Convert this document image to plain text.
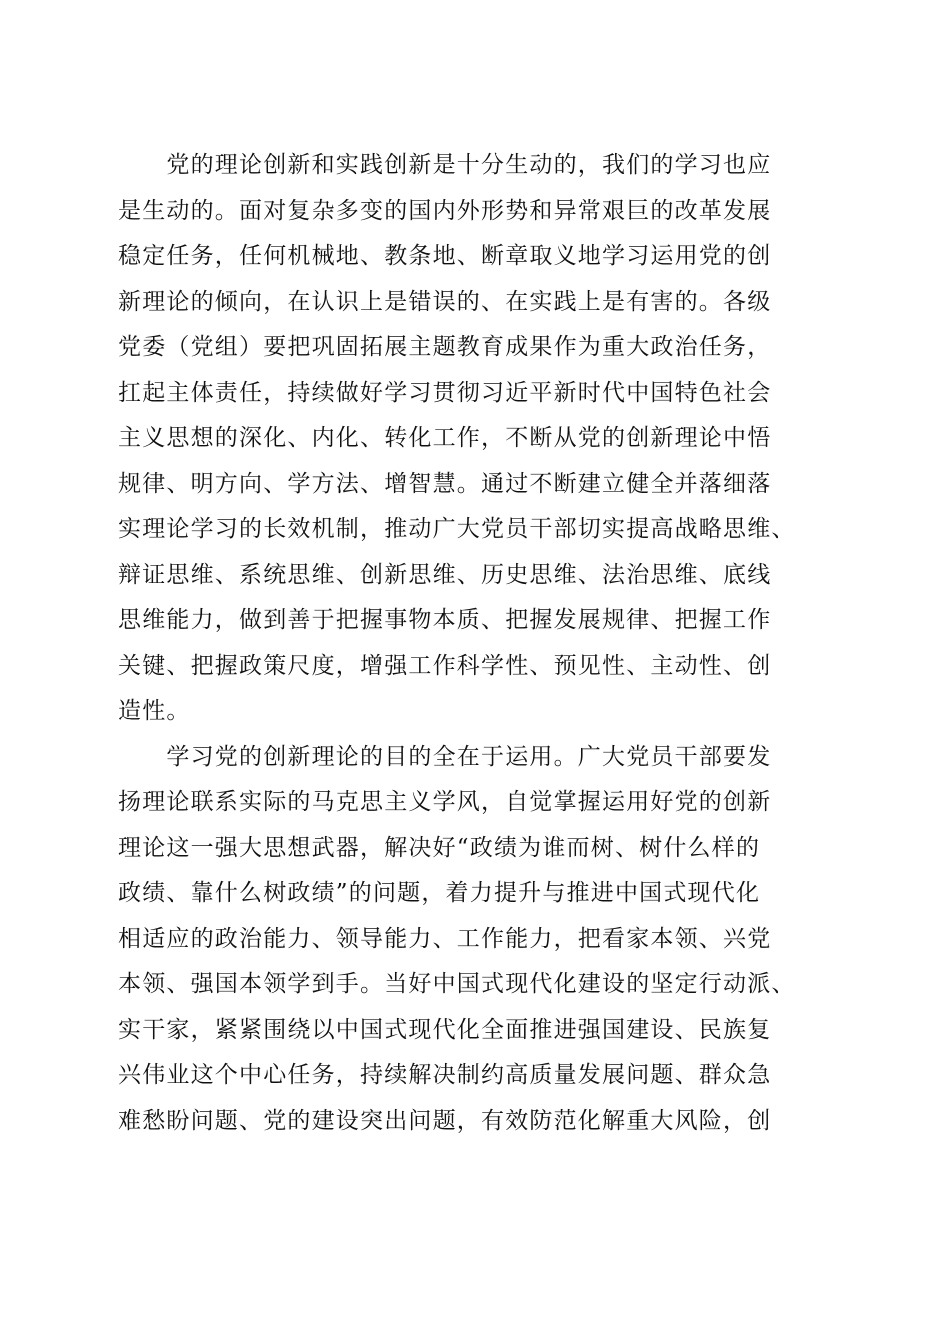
　　党的理论创新和实践创新是十分生动的，我们的学习也应
是生动的。面对复杂多变的国内外形势和异常艰巨的改革发展
稳定任务，任何机械地、教条地、断章取义地学习运用党的创
新理论的倾向，在认识上是错误的、在实践上是有害的。各级
党委（党组）要把巩固拓展主题教育成果作为重大政治任务，
扛起主体责任，持续做好学习贯彻习近平新时代中国特色社会
主义思想的深化、内化、转化工作，不断从党的创新理论中悟
规律、明方向、学方法、增智慧。通过不断建立健全并落细落
实理论学习的长效机制，推动广大党员干部切实提高战略思维、
辩证思维、系统思维、创新思维、历史思维、法治思维、底线
思维能力，做到善于把握事物本质、把握发展规律、把握工作
关键、把握政策尺度，增强工作科学性、预见性、主动性、创
造性。
　　学习党的创新理论的目的全在于运用。广大党员干部要发
扬理论联系实际的马克思主义学风，自觉掌握运用好党的创新
理论这一强大思想武器，解决好“政绩为谁而树、树什么样的
政绩、靠什么树政绩”的问题，着力提升与推进中国式现代化
相适应的政治能力、领导能力、工作能力，把看家本领、兴党
本领、强国本领学到手。当好中国式现代化建设的坚定行动派、
实干家，紧紧围绕以中国式现代化全面推进强国建设、民族复
兴伟业这个中心任务，持续解决制约高质量发展问题、群众急
难愁盼问题、党的建设突出问题，有效防范化解重大风险，创
